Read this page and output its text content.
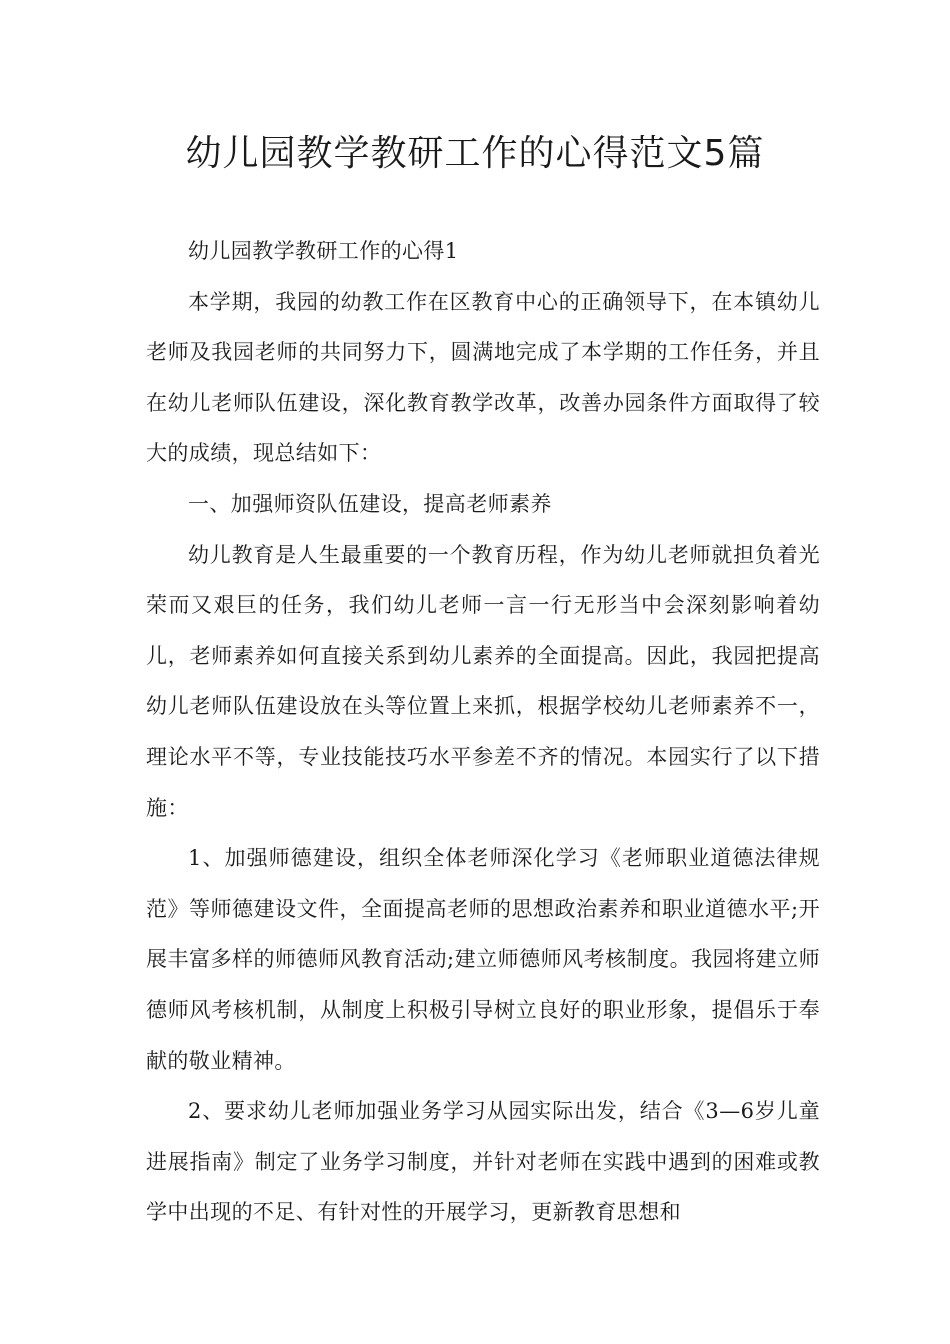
幼儿园教学教研工作的心得范文5篇

幼儿园教学教研工作的心得1

本学期，我园的幼教工作在区教育中心的正确领导下，在本镇幼儿老师及我园老师的共同努力下，圆满地完成了本学期的工作任务，并且在幼儿老师队伍建设，深化教育教学改革，改善办园条件方面取得了较大的成绩，现总结如下：

一、加强师资队伍建设，提高老师素养

幼儿教育是人生最重要的一个教育历程，作为幼儿老师就担负着光荣而又艰巨的任务，我们幼儿老师一言一行无形当中会深刻影响着幼儿，老师素养如何直接关系到幼儿素养的全面提高。因此，我园把提高幼儿老师队伍建设放在头等位置上来抓，根据学校幼儿老师素养不一，理论水平不等，专业技能技巧水平参差不齐的情况。本园实行了以下措施：

1、加强师德建设，组织全体老师深化学习《老师职业道德法律规范》等师德建设文件，全面提高老师的思想政治素养和职业道德水平;开展丰富多样的师德师风教育活动;建立师德师风考核制度。我园将建立师德师风考核机制，从制度上积极引导树立良好的职业形象，提倡乐于奉献的敬业精神。

2、要求幼儿老师加强业务学习从园实际出发，结合《3—6岁儿童进展指南》制定了业务学习制度，并针对老师在实践中遇到的困难或教学中出现的不足、有针对性的开展学习，更新教育思想和
